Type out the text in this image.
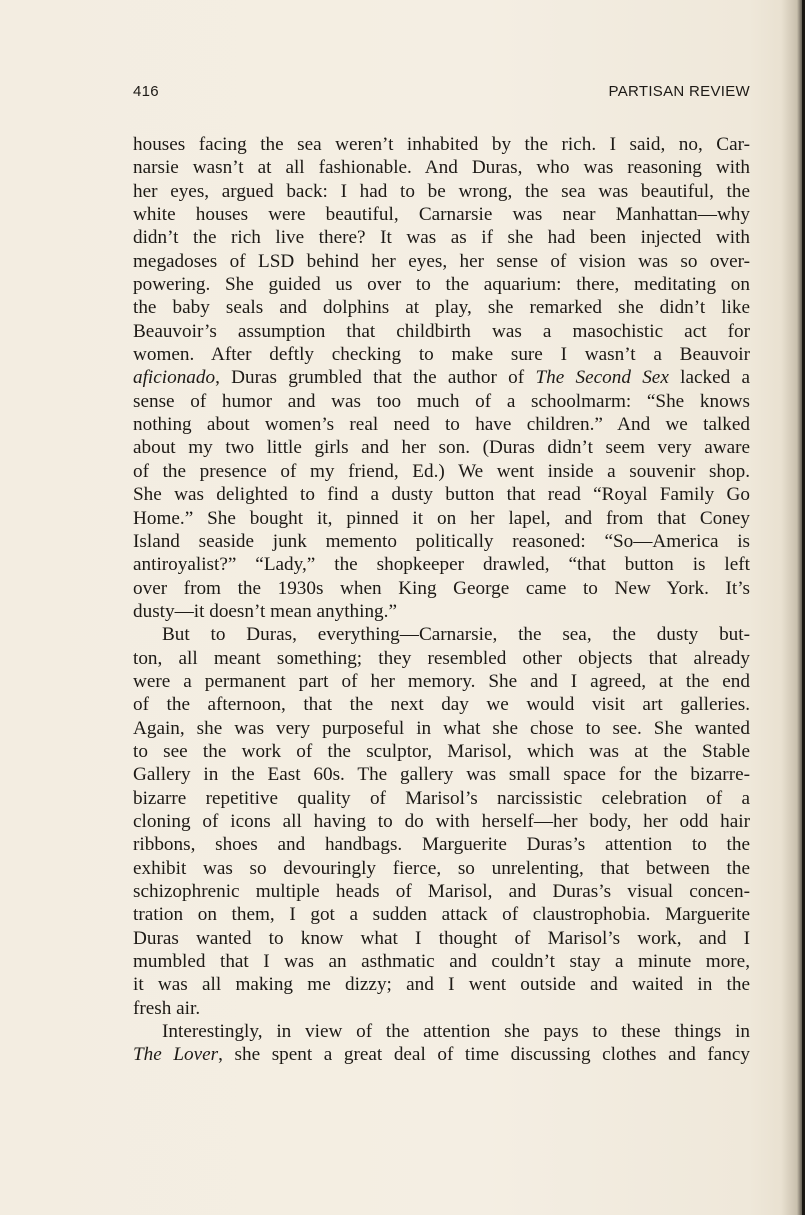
416	PARTISAN REVIEW
houses facing the sea weren’t inhabited by the rich. I said, no, Car-
narsie wasn’t at all fashionable. And Duras, who was reasoning with
her eyes, argued back: I had to be wrong, the sea was beautiful, the
white houses were beautiful, Carnarsie was near Manhattan—why
didn’t the rich live there? It was as if she had been injected with
megadoses of LSD behind her eyes, her sense of vision was so over-
powering. She guided us over to the aquarium: there, meditating on
the baby seals and dolphins at play, she remarked she didn’t like
Beauvoir’s assumption that childbirth was a masochistic act for
women. After deftly checking to make sure I wasn’t a Beauvoir
aficionado, Duras grumbled that the author of The Second Sex lacked a
sense of humor and was too much of a schoolmarm: “She knows
nothing about women’s real need to have children.” And we talked
about my two little girls and her son. (Duras didn’t seem very aware
of the presence of my friend, Ed.) We went inside a souvenir shop.
She was delighted to find a dusty button that read “Royal Family Go
Home.” She bought it, pinned it on her lapel, and from that Coney
Island seaside junk memento politically reasoned: “So—America is
antiroyalist?” “Lady,” the shopkeeper drawled, “that button is left
over from the 1930s when King George came to New York. It’s
dusty—it doesn’t mean anything.”
But to Duras, everything—Carnarsie, the sea, the dusty but-
ton, all meant something; they resembled other objects that already
were a permanent part of her memory. She and I agreed, at the end
of the afternoon, that the next day we would visit art galleries.
Again, she was very purposeful in what she chose to see. She wanted
to see the work of the sculptor, Marisol, which was at the Stable
Gallery in the East 60s. The gallery was small space for the bizarre-
bizarre repetitive quality of Marisol’s narcissistic celebration of a
cloning of icons all having to do with herself—her body, her odd hair
ribbons, shoes and handbags. Marguerite Duras’s attention to the
exhibit was so devouringly fierce, so unrelenting, that between the
schizophrenic multiple heads of Marisol, and Duras’s visual concen-
tration on them, I got a sudden attack of claustrophobia. Marguerite
Duras wanted to know what I thought of Marisol’s work, and I
mumbled that I was an asthmatic and couldn’t stay a minute more,
it was all making me dizzy; and I went outside and waited in the
fresh air.
Interestingly, in view of the attention she pays to these things in
The Lover, she spent a great deal of time discussing clothes and fancy
